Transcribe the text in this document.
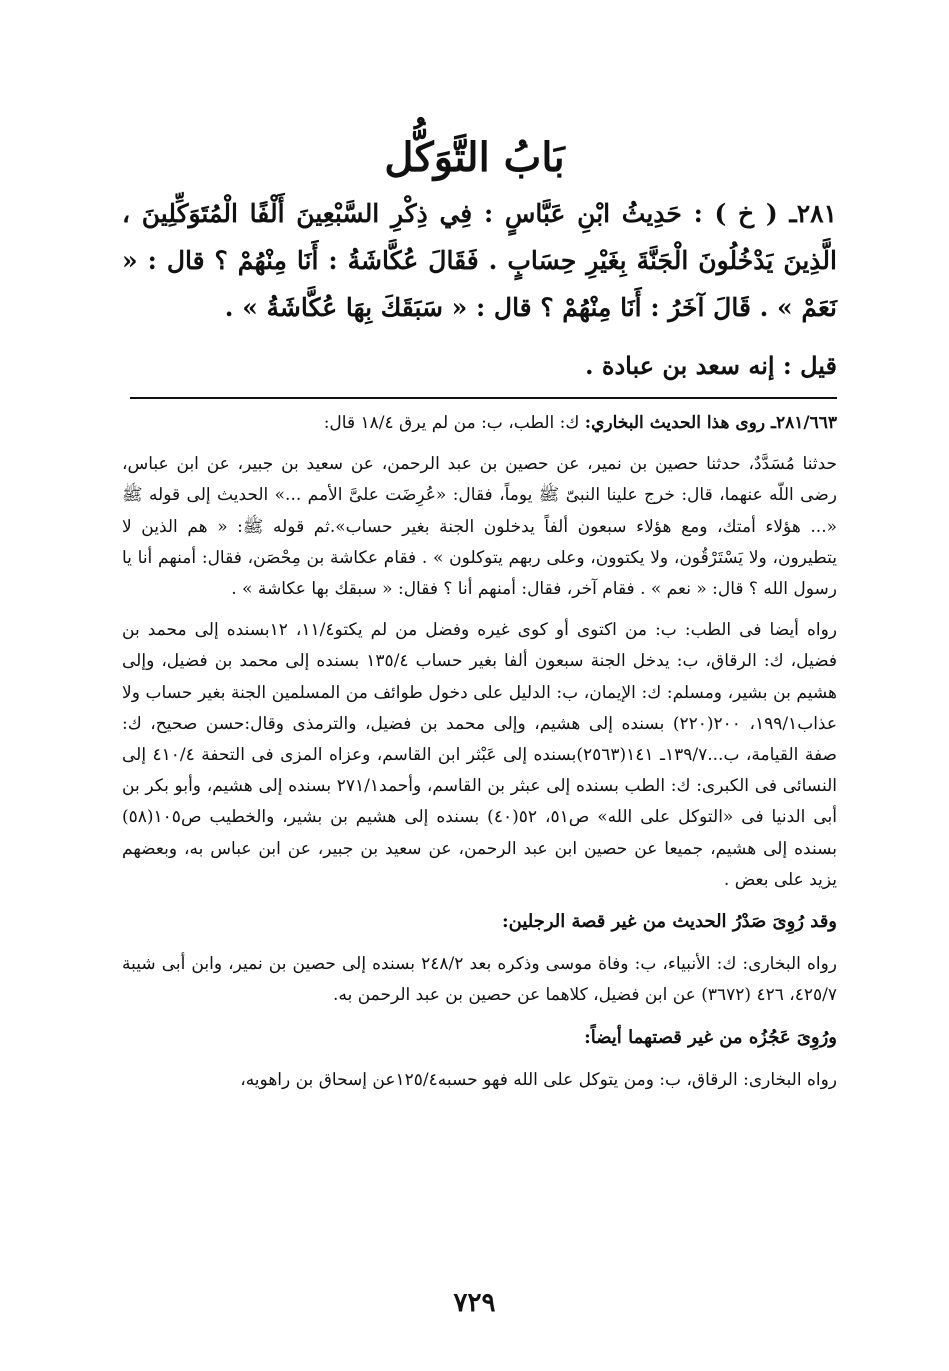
بَابُ التَّوَكُّل
٢٨١ـ ( خ ) : حَدِيثُ ابْنِ عَبَّاسٍ : فِي ذِكْرِ السَّبْعِينَ أَلْفًا الْمُتَوَكِّلِينَ ، الَّذِينَ يَدْخُلُونَ الْجَنَّةَ بِغَيْرِ حِسَابٍ . فَقَالَ عُكَّاشَةُ : أَنَا مِنْهُمْ ؟ قال : « نَعَمْ » . قَالَ آخَرُ : أَنَا مِنْهُمْ ؟ قال : « سَبَقَكَ بِهَا عُكَّاشَةُ » .
قيل : إنه سعد بن عبادة .

٢٨١/٦٦٣ـ روى هذا الحديث البخاري: ك: الطب، ب: من لم يرق ١٨/٤ قال:

حدثنا مُسَدَّدٌ، حدثنا حصين بن نمير، عن حصين بن عبد الرحمن، عن سعيد بن جبير، عن ابن عباس، رضى اللّه عنهما، قال: خرج علينا النبىّ ﷺ يوماً، فقال: «عُرِضَت علىَّ الأمم ...» الحديث إلى قوله ﷺ «... هؤلاء أمتك، ومع هؤلاء سبعون ألفاً يدخلون الجنة بغير حساب».ثم قوله ﷺ: « هم الذين لا يتطيرون، ولا يَسْتَرْقُون، ولا يكتوون، وعلى ربهم يتوكلون » . فقام عكاشة بن مِحْصَن، فقال: أمنهم أنا يا رسول الله ؟ قال: « نعم » . فقام آخر، فقال: أمنهم أنا ؟ فقال: « سبقك بها عكاشة » .

رواه أيضا فى الطب: ب: من اكتوى أو كوى غيره وفضل من لم يكتو١١/٤، ١٢بسنده إلى محمد بن فضيل، ك: الرقاق، ب: يدخل الجنة سبعون ألفا بغير حساب ١٣٥/٤ بسنده إلى محمد بن فضيل، وإلى هشيم بن بشير، ومسلم: ك: الإيمان، ب: الدليل على دخول طوائف من المسلمين الجنة بغير حساب ولا عذاب١٩٩/١، ٢٠٠(٢٢٠) بسنده إلى هشيم، وإلى محمد بن فضيل، والترمذى وقال:حسن صحيح، ك: صفة القيامة، ب...١٣٩/٧ـ ١٤١(٢٥٦٣)بسنده إلى عَبْثر ابن القاسم، وعزاه المزى فى التحفة ٤١٠/٤ إلى النسائى فى الكبرى: ك: الطب بسنده إلى عبثر بن القاسم، وأحمد٢٧١/١ بسنده إلى هشيم، وأبو بكر بن أبى الدنيا فى «التوكل على الله» ص٥١، ٥٢(٤٠) بسنده إلى هشيم بن بشير، والخطيب ص١٠٥(٥٨) بسنده إلى هشيم، جميعا عن حصين ابن عبد الرحمن، عن سعيد بن جبير، عن ابن عباس به، وبعضهم يزيد على بعض .

وقد رُوِىَ صَدْرُ الحديث من غير قصة الرجلين:

رواه البخارى: ك: الأنبياء، ب: وفاة موسى وذكره بعد ٢٤٨/٢ بسنده إلى حصين بن نمير، وابن أبى شيبة ٤٢٥/٧، ٤٢٦ (٣٦٧٢) عن ابن فضيل، كلاهما عن حصين بن عبد الرحمن به.

ورُوِىَ عَجُزُه من غير قصتهما أيضاً:

رواه البخارى: الرقاق، ب: ومن يتوكل على الله فهو حسبه١٢٥/٤عن إسحاق بن راهويه،

٧٢٩
